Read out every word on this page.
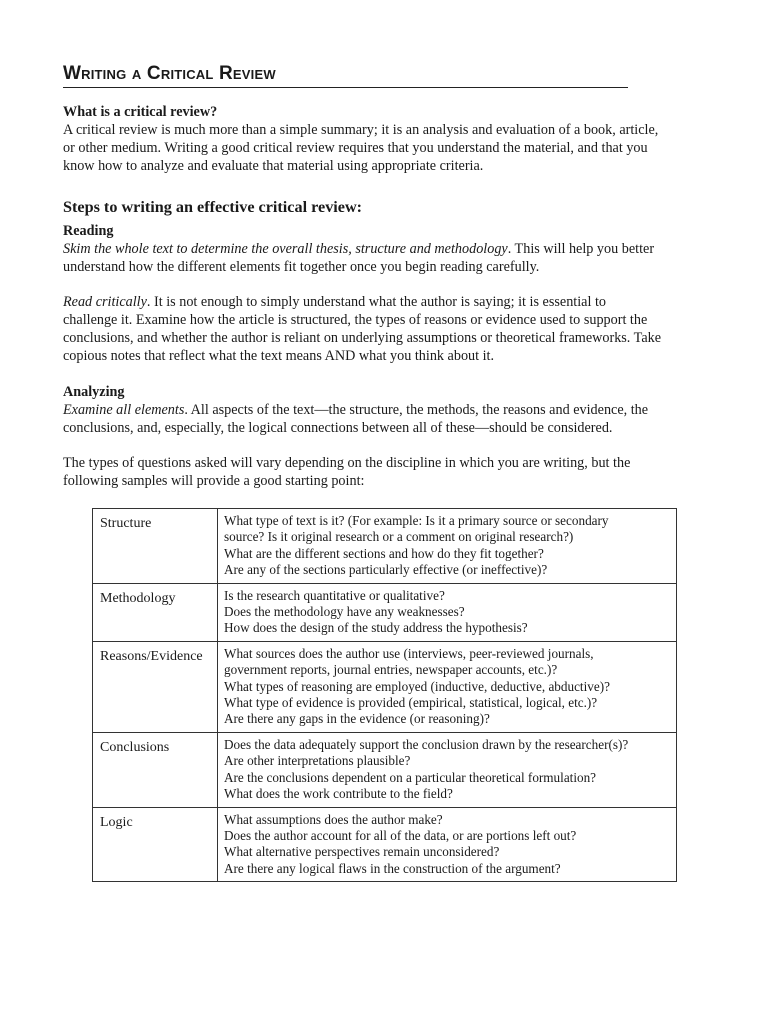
Writing a Critical Review
What is a critical review?
A critical review is much more than a simple summary; it is an analysis and evaluation of a book, article,
or other medium. Writing a good critical review requires that you understand the material, and that you
know how to analyze and evaluate that material using appropriate criteria.
Steps to writing an effective critical review:
Reading
Skim the whole text to determine the overall thesis, structure and methodology. This will help you better
understand how the different elements fit together once you begin reading carefully.
Read critically. It is not enough to simply understand what the author is saying; it is essential to
challenge it. Examine how the article is structured, the types of reasons or evidence used to support the
conclusions, and whether the author is reliant on underlying assumptions or theoretical frameworks. Take
copious notes that reflect what the text means AND what you think about it.
Analyzing
Examine all elements. All aspects of the text—the structure, the methods, the reasons and evidence, the
conclusions, and, especially, the logical connections between all of these—should be considered.
The types of questions asked will vary depending on the discipline in which you are writing, but the
following samples will provide a good starting point:
Structure	What type of text is it? (For example: Is it a primary source or secondary
source? Is it original research or a comment on original research?)
What are the different sections and how do they fit together?
Are any of the sections particularly effective (or ineffective)?

Methodology	Is the research quantitative or qualitative?
Does the methodology have any weaknesses?
How does the design of the study address the hypothesis?

Reasons/Evidence	What sources does the author use (interviews, peer-reviewed journals,
government reports, journal entries, newspaper accounts, etc.)?
What types of reasoning are employed (inductive, deductive, abductive)?
What type of evidence is provided (empirical, statistical, logical, etc.)?
Are there any gaps in the evidence (or reasoning)?

Conclusions	Does the data adequately support the conclusion drawn by the researcher(s)?
Are other interpretations plausible?
Are the conclusions dependent on a particular theoretical formulation?
What does the work contribute to the field?

Logic	What assumptions does the author make?
Does the author account for all of the data, or are portions left out?
What alternative perspectives remain unconsidered?
Are there any logical flaws in the construction of the argument?
